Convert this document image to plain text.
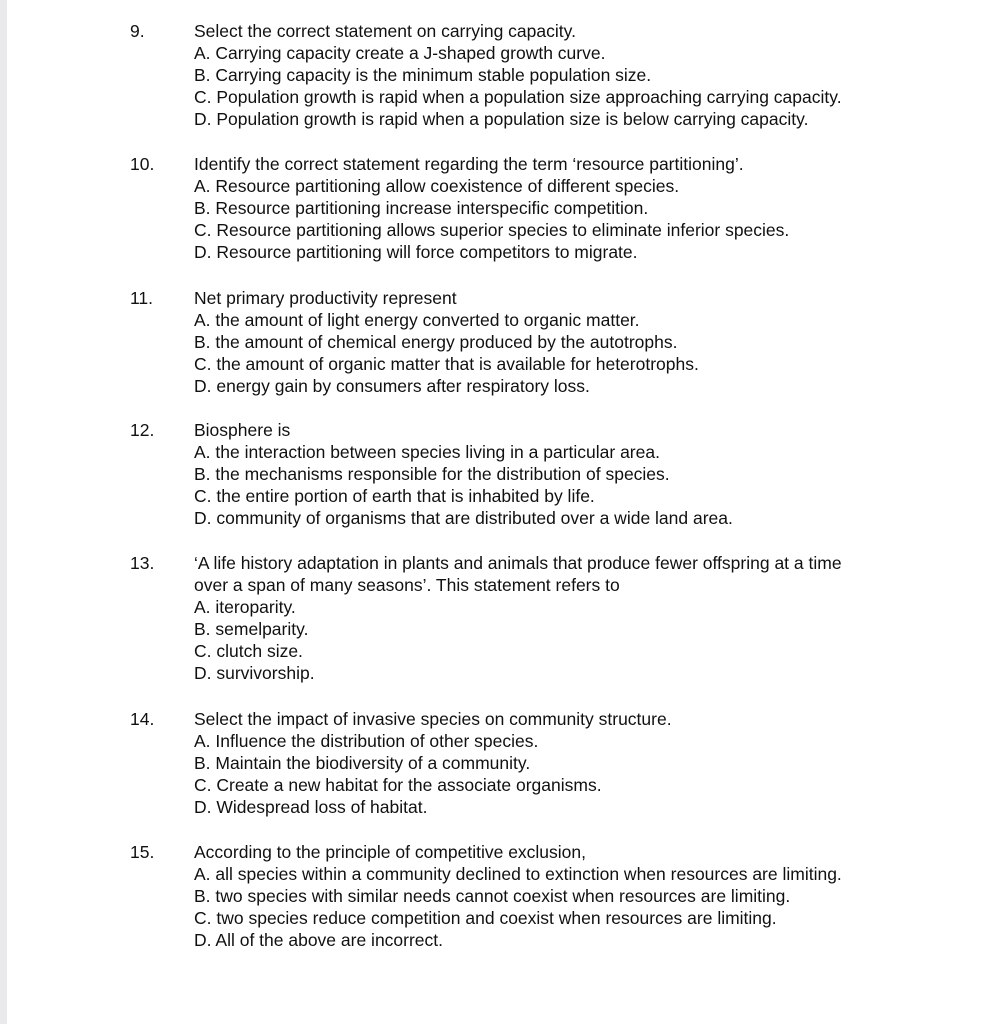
9.	Select the correct statement on carrying capacity.
A. Carrying capacity create a J-shaped growth curve.
B. Carrying capacity is the minimum stable population size.
C. Population growth is rapid when a population size approaching carrying capacity.
D. Population growth is rapid when a population size is below carrying capacity.
10. Identify the correct statement regarding the term ‘resource partitioning’.
A. Resource partitioning allow coexistence of different species.
B. Resource partitioning increase interspecific competition.
C. Resource partitioning allows superior species to eliminate inferior species.
D. Resource partitioning will force competitors to migrate.
11. Net primary productivity represent
A. the amount of light energy converted to organic matter.
B. the amount of chemical energy produced by the autotrophs.
C. the amount of organic matter that is available for heterotrophs.
D. energy gain by consumers after respiratory loss.
12. Biosphere is
A. the interaction between species living in a particular area.
B. the mechanisms responsible for the distribution of species.
C. the entire portion of earth that is inhabited by life.
D. community of organisms that are distributed over a wide land area.
13. ‘A life history adaptation in plants and animals that produce fewer offspring at a time
over a span of many seasons’. This statement refers to
A. iteroparity.
B. semelparity.
C. clutch size.
D. survivorship.
14. Select the impact of invasive species on community structure.
A. Influence the distribution of other species.
B. Maintain the biodiversity of a community.
C. Create a new habitat for the associate organisms.
D. Widespread loss of habitat.
15. According to the principle of competitive exclusion,
A. all species within a community declined to extinction when resources are limiting.
B. two species with similar needs cannot coexist when resources are limiting.
C. two species reduce competition and coexist when resources are limiting.
D. All of the above are incorrect.
